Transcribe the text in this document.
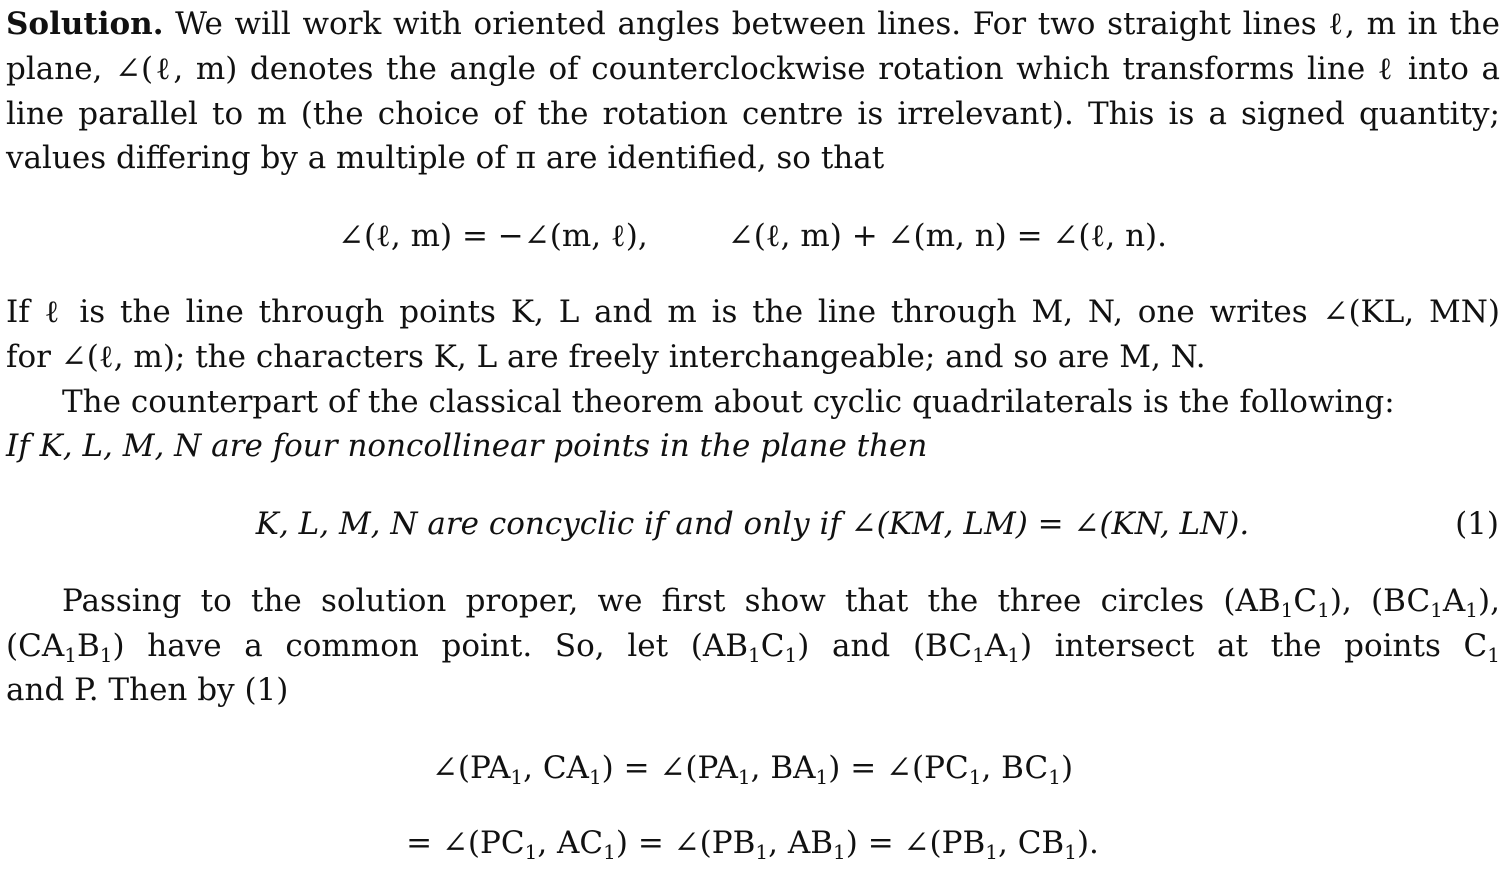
Solution. We will work with oriented angles between lines. For two straight lines ℓ, m in the
plane, ∠(ℓ, m) denotes the angle of counterclockwise rotation which transforms line ℓ into a
line parallel to m (the choice of the rotation centre is irrelevant). This is a signed quantity;
values differing by a multiple of π are identified, so that
∠(ℓ, m) = −∠(m, ℓ),	∠(ℓ, m) + ∠(m, n) = ∠(ℓ, n).
If ℓ is the line through points K, L and m is the line through M, N, one writes ∠(KL, MN)
for ∠(ℓ, m); the characters K, L are freely interchangeable; and so are M, N.
The counterpart of the classical theorem about cyclic quadrilaterals is the following:
If K, L, M, N are four noncollinear points in the plane then
K, L, M, N are concyclic if and only if ∠(KM, LM) = ∠(KN, LN).	(1)
Passing to the solution proper, we first show that the three circles $(AB_1C_1)$, $(BC_1A_1)$,
$(CA_1B_1)$ have a common point. So, let $(AB_1C_1)$ and $(BC_1A_1)$ intersect at the points $C_1$
and P. Then by (1)
$\angle(PA_1$, $CA_1$) = $\angle(PA_1$, $BA_1$) = $\angle(PC_1$, $BC_1$)
= $\angle(PC_1$, $AC_1$) = $\angle(PB_1$, $AB_1$) = $\angle(PB_1$, $CB_1$).
